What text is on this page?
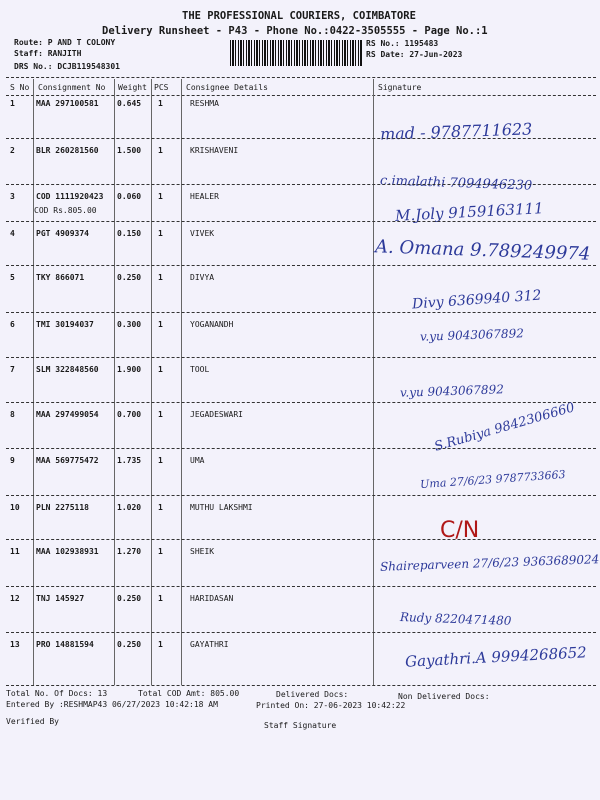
THE PROFESSIONAL COURIERS, COIMBATORE
Delivery Runsheet - P43 - Phone No.:0422-3505555 - Page No.:1
Route: P AND T COLONY
Staff: RANJITH
DRS No.: DCJB119548301
RS No.: 1195483
RS Date: 27-Jun-2023
S No Consignment No Weight PCS Consignee Details	Signature
1	MAA 297100581 0.645 1	RESHMA
mad - 9787711623
2	BLR 260281560 1.500 1	KRISHAVENI
c.imalathi 7094946230
3	COD 1111920423 0.060 1	HEALER
COD Rs.805.00	M.Joly 9159163111
4	PGT 4909374	0.150 1	VIVEK
A. Omana 9.789249974
5	TKY 866071	0.250 1	DIVYA
Divy 6369940 312
6	TMI 30194037	0.300 1	YOGANANDH
v.yu 9043067892
7	SLM 322848560 1.900 1	TOOL
v.yu 9043067892
8	MAA 297499054 0.700 1	JEGADESWARI	S.Rubiya 9842306660
9	MAA 569775472 1.735 1	UMA
Uma 27/6/23 9787733663
10 PLN 2275118	1.020 1	MUTHU LAKSHMI
C/N
11 MAA 102938931 1.270 1	SHEIK
Shaireparveen 27/6/23 9363689024
12 TNJ 145927	0.250 1	HARIDASAN
Rudy 8220471480
13 PRO 14881594	0.250 1	GAYATHRI	Gayathri.A 9994268652
Total No. Of Docs: 13	Total COD Amt: 805.00	Delivered Docs:	Non Delivered Docs:
Entered By :RESHMAP43 06/27/2023 10:42:18 AM	Printed On: 27-06-2023 10:42:22
Verified By	Staff Signature
